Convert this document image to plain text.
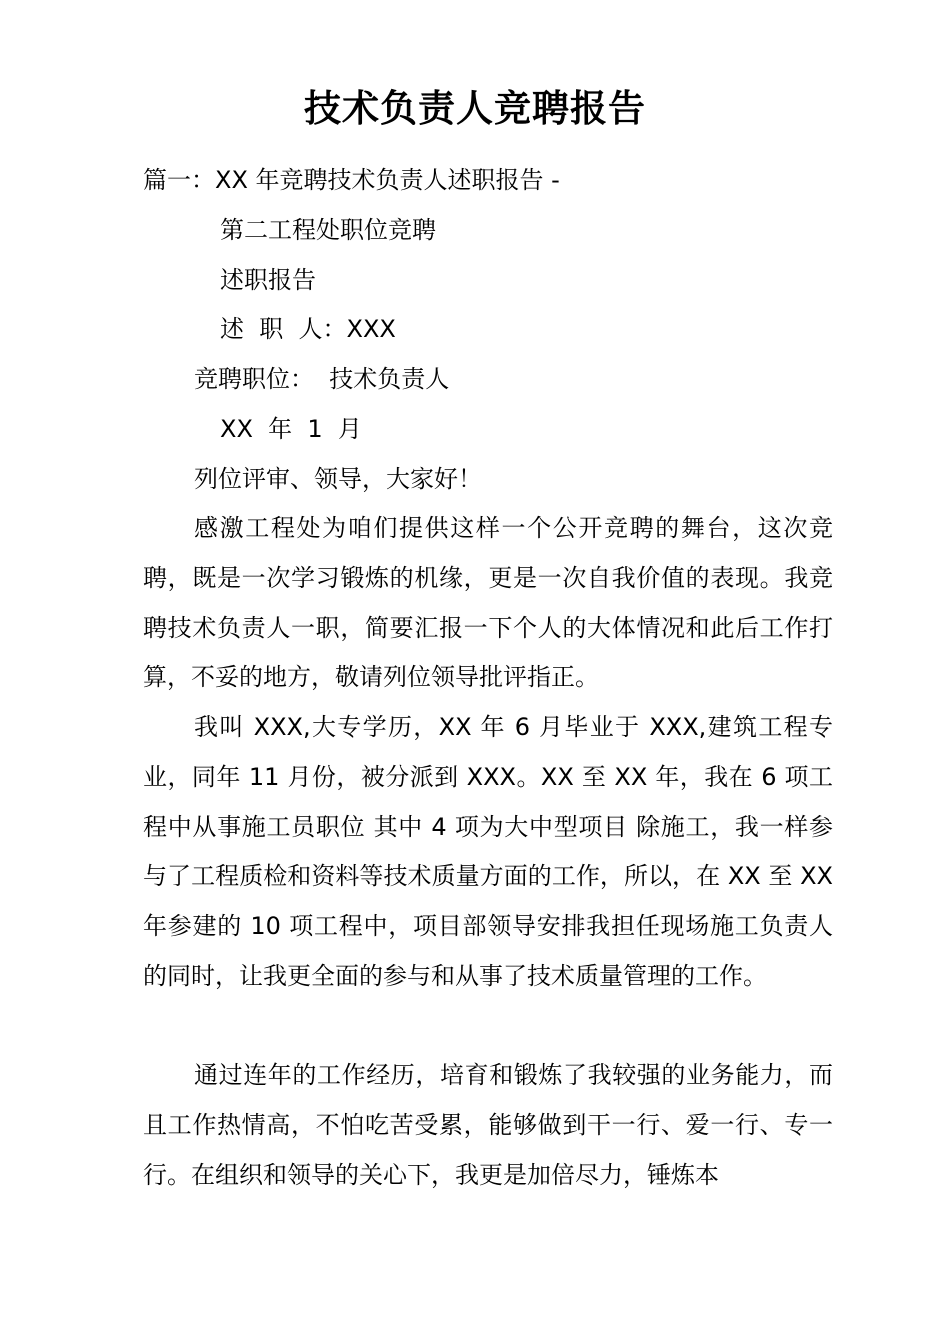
技术负责人竞聘报告
篇一：XX 年竞聘技术负责人述职报告 -
第二工程处职位竞聘
述职报告
述  职  人：XXX
竞聘职位：  技术负责人
XX  年  1  月
列位评审、领导，大家好！

感激工程处为咱们提供这样一个公开竞聘的舞台，这次竞聘，既是一次学习锻炼的机缘，更是一次自我价值的表现。我竞聘技术负责人一职，简要汇报一下个人的大体情况和此后工作打算，不妥的地方，敬请列位领导批评指正。

我叫 XXX,大专学历，XX 年 6 月毕业于 XXX,建筑工程专业，同年 11 月份，被分派到 XXX。XX 至 XX 年，我在 6 项工程中从事施工员职位 其中 4 项为大中型项目 除施工，我一样参与了工程质检和资料等技术质量方面的工作，所以，在 XX 至 XX 年参建的 10 项工程中，项目部领导安排我担任现场施工负责人的同时，让我更全面的参与和从事了技术质量管理的工作。

通过连年的工作经历，培育和锻炼了我较强的业务能力，而且工作热情高，不怕吃苦受累，能够做到干一行、爱一行、专一行。在组织和领导的关心下，我更是加倍尽力，锤炼本
